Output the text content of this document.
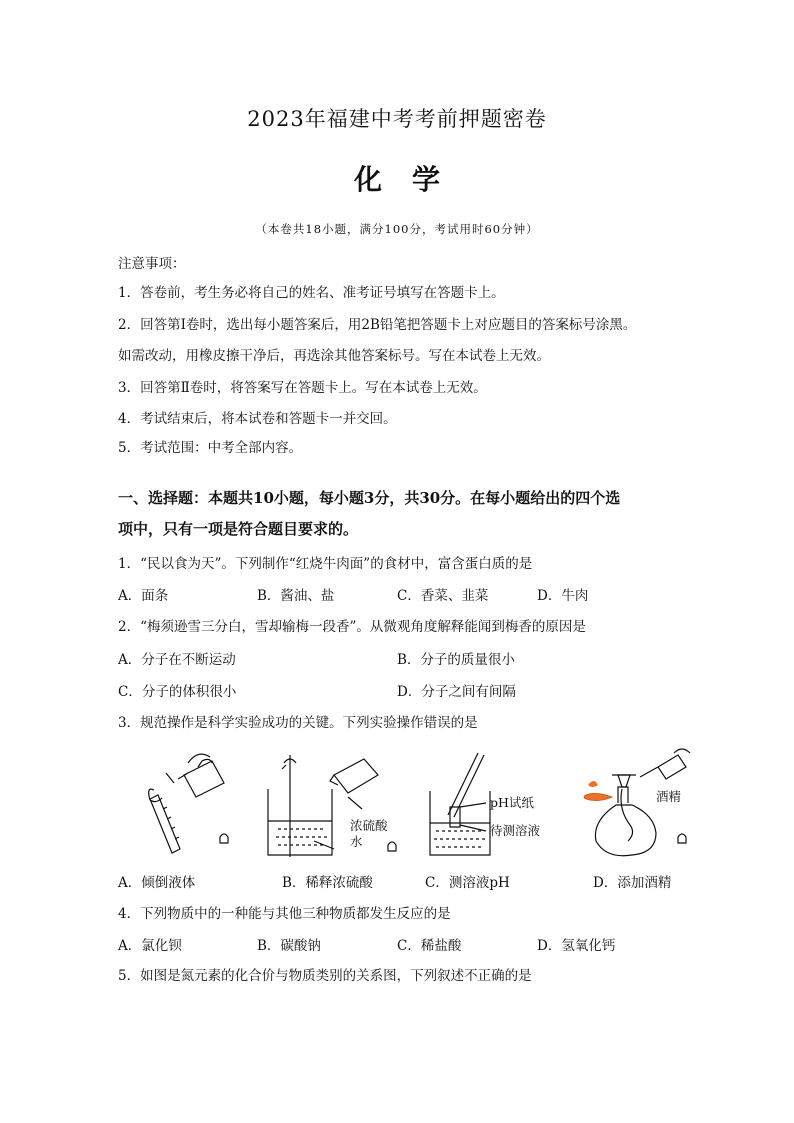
2023年福建中考考前押题密卷
化学
（本卷共18小题，满分100分，考试用时60分钟）
注意事项：
1．答卷前，考生务必将自己的姓名、准考证号填写在答题卡上。
2．回答第Ⅰ卷时，选出每小题答案后，用2B铅笔把答题卡上对应题目的答案标号涂黑。
如需改动，用橡皮擦干净后，再选涂其他答案标号。写在本试卷上无效。
3．回答第Ⅱ卷时，将答案写在答题卡上。写在本试卷上无效。
4．考试结束后，将本试卷和答题卡一并交回。
5．考试范围：中考全部内容。
一、选择题：本题共10小题，每小题3分，共30分。在每小题给出的四个选
项中，只有一项是符合题目要求的。
1．“民以食为天”。下列制作“红烧牛肉面”的食材中，富含蛋白质的是
A．面条	B．酱油、盐	C．香菜、韭菜	D．牛肉
2．“梅须逊雪三分白，雪却输梅一段香”。从微观角度解释能闻到梅香的原因是
A．分子在不断运动	B．分子的质量很小
C．分子的体积很小	D．分子之间有间隔
3．规范操作是科学实验成功的关键。下列实验操作错误的是
浓硫酸
水
pH试纸
待测溶液
酒精
A．倾倒液体	B．稀释浓硫酸	C．测溶液pH	D．添加酒精
4．下列物质中的一种能与其他三种物质都发生反应的是
A．氯化钡	B．碳酸钠	C．稀盐酸	D．氢氧化钙
5．如图是氮元素的化合价与物质类别的关系图，下列叙述不正确的是
